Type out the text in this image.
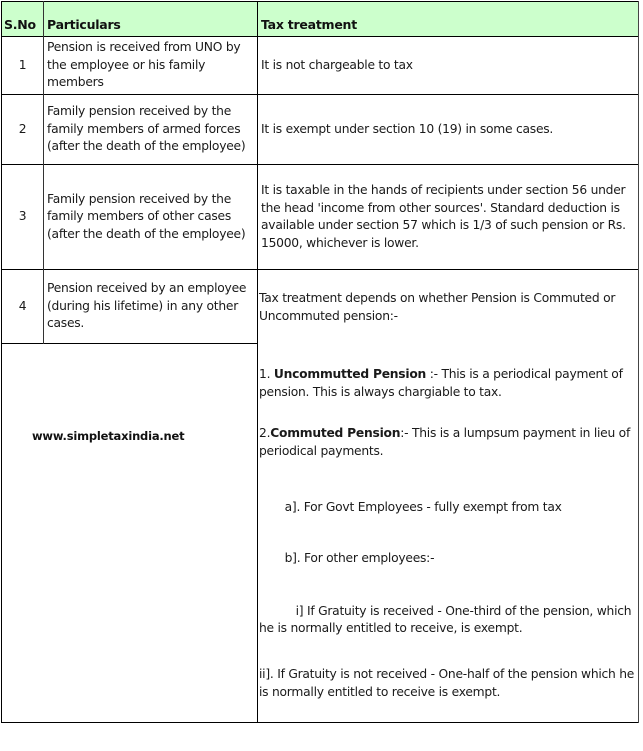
S.No Particulars	Tax treatment
1
Pension is received from UNO by the employee or his family members
It is not chargeable to tax
2
Family pension received by the family members of armed forces (after the death of the employee)
It is exempt under section 10 (19) in some cases.
3
Family pension received by the family members of other cases (after the death of the employee)
It is taxable in the hands of recipients under section 56 under the head 'income from other sources'. Standard deduction is available under section 57 which is 1/3 of such pension or Rs. 15000, whichever is lower.
4
Pension received by an employee (during his lifetime) in any other cases.
Tax treatment depends on whether Pension is Commuted or Uncommuted pension:-
1. Uncommutted Pension :- This is a periodical payment of pension. This is always chargiable to tax.
2.Commuted Pension:- This is a lumpsum payment in lieu of periodical payments.

a]. For Govt Employees - fully exempt from tax

b]. For other employees:-

i] If Gratuity is received - One-third of the pension, which he is normally entitled to receive, is exempt.

ii]. If Gratuity is not received - One-half of the pension which he is normally entitled to receive is exempt.
www.simpletaxindia.net
